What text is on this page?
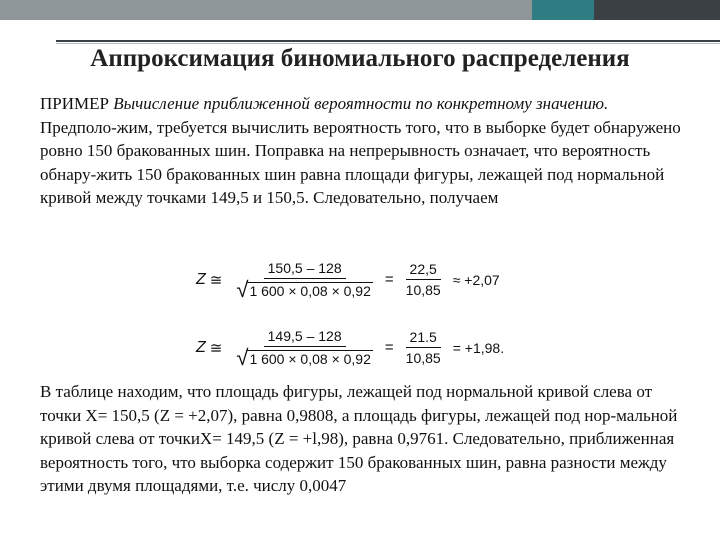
Аппроксимация биномиального распределения

ПРИМЕР Вычисление приближенной вероятности по конкретному значению.

Предполо-жим, требуется вычислить вероятность того, что в выборке будет обнаружено ровно 150 бракованных шин. Поправка на непрерывность означает, что вероятность обнару-жить 150 бракованных шин равна площади фигуры, лежащей под нормальной кривой между точками 149,5 и 150,5. Следовательно, получаем

Z ≅ $\frac{150,5 - 128}{√ 1 600 \times 0,08 \times 0,92} = \frac{22,5}{10,85} \approx +2,07$
Z ≅ $\frac{149,5 - 128}{√ 1 600 \times 0,08 \times 0,92} = \frac{21.5}{10,85} = +1,98$.

В таблице находим, что площадь фигуры, лежащей под нормальной кривой слева от точки X= 150,5 (Z = +2,07), равна 0,9808, а площадь фигуры, лежащей под нор-мальной кривой слева от точкиX= 149,5 (Z = +l,98), равна 0,9761. Следовательно, приближенная вероятность того, что выборка содержит 150 бракованных шин, равна разности между этими двумя площадями, т.е. числу 0,0047
